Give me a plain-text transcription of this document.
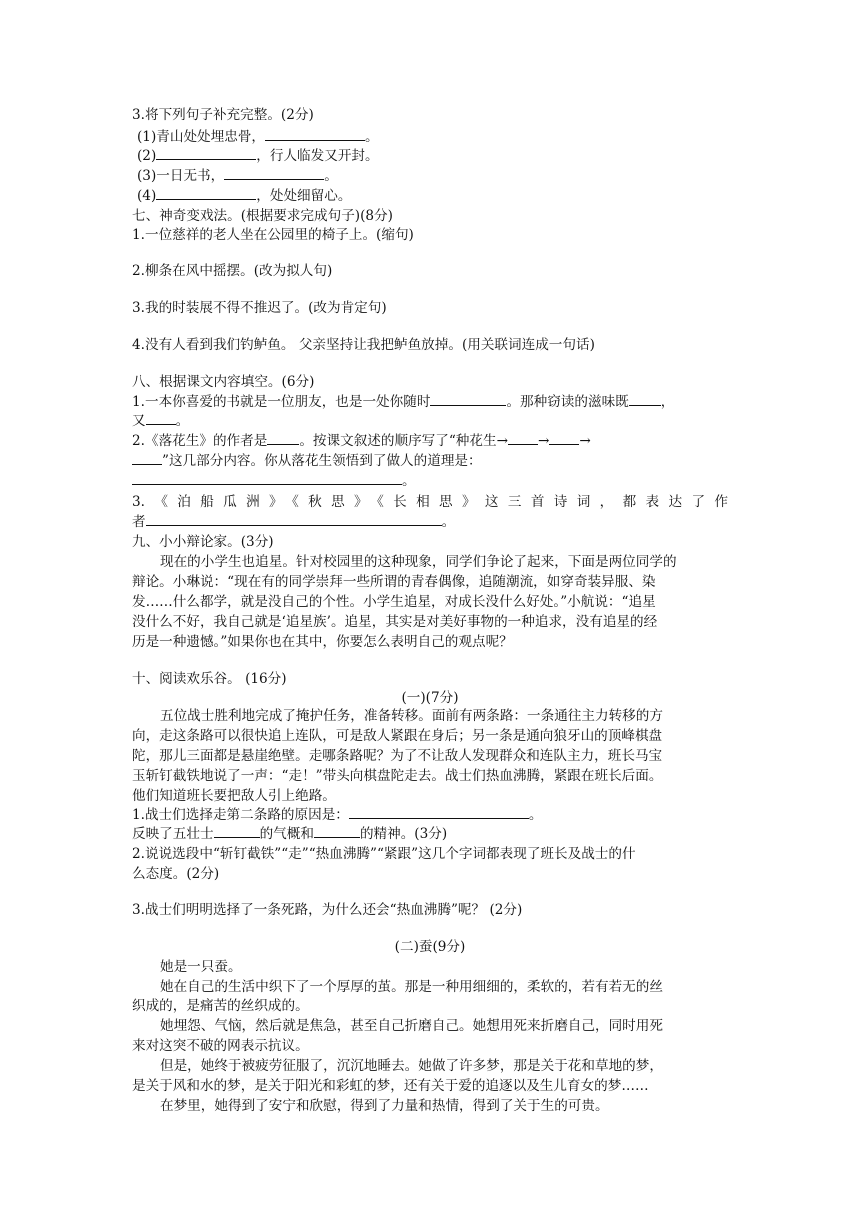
3.将下列句子补充完整。(2分)
(1)青山处处埋忠骨，	。
(2)	，行人临发又开封。
(3)一日无书，	。
(4)	，处处细留心。
七、神奇变戏法。(根据要求完成句子)(8分)
1.一位慈祥的老人坐在公园里的椅子上。(缩句)
2.柳条在风中摇摆。(改为拟人句)
3.我的时装展不得不推迟了。(改为肯定句)
4.没有人看到我们钓鲈鱼。 父亲坚持让我把鲈鱼放掉。(用关联词连成一句话)
八、根据课文内容填空。(6分)
1.一本你喜爱的书就是一位朋友，也是一处你随时	。那种窃读的滋味既 ，
又 。
2.《落花生》的作者是 。按课文叙述的顺序写了“种花生→ → →
”这几部分内容。你从落花生领悟到了做人的道理是：
。
3.《泊船瓜洲》《秋思》《长相思》这三首诗词，都表达了作
者	。
九、小小辩论家。(3分)
现在的小学生也追星。针对校园里的这种现象，同学们争论了起来，下面是两位同学的
辩论。小琳说：“现在有的同学崇拜一些所谓的青春偶像，追随潮流，如穿奇装异服、染
发……什么都学，就是没自己的个性。小学生追星，对成长没什么好处。”小航说：“追星
没什么不好，我自己就是‘追星族’。追星，其实是对美好事物的一种追求，没有追星的经
历是一种遗憾。”如果你也在其中，你要怎么表明自己的观点呢？
十、阅读欢乐谷。 (16分)
(一)(7分)
五位战士胜利地完成了掩护任务，准备转移。面前有两条路：一条通往主力转移的方
向，走这条路可以很快追上连队，可是敌人紧跟在身后；另一条是通向狼牙山的顶峰棋盘
陀，那儿三面都是悬崖绝壁。走哪条路呢？为了不让敌人发现群众和连队主力，班长马宝
玉斩钉截铁地说了一声：“走！”带头向棋盘陀走去。战士们热血沸腾，紧跟在班长后面。
他们知道班长要把敌人引上绝路。
1.战士们选择走第二条路的原因是：	。
反映了五壮士	的气概和	的精神。(3分)
2.说说选段中“斩钉截铁”“走”“热血沸腾”“紧跟”这几个字词都表现了班长及战士的什
么态度。(2分)
3.战士们明明选择了一条死路，为什么还会“热血沸腾”呢？ (2分)
(二)蚕(9分)
她是一只蚕。
她在自己的生活中织下了一个厚厚的茧。那是一种用细细的，柔软的，若有若无的丝
织成的，是痛苦的丝织成的。
她埋怨、气恼，然后就是焦急，甚至自己折磨自己。她想用死来折磨自己，同时用死
来对这突不破的网表示抗议。
但是，她终于被疲劳征服了，沉沉地睡去。她做了许多梦，那是关于花和草地的梦，
是关于风和水的梦，是关于阳光和彩虹的梦，还有关于爱的追逐以及生儿育女的梦……
在梦里，她得到了安宁和欣慰，得到了力量和热情，得到了关于生的可贵。
